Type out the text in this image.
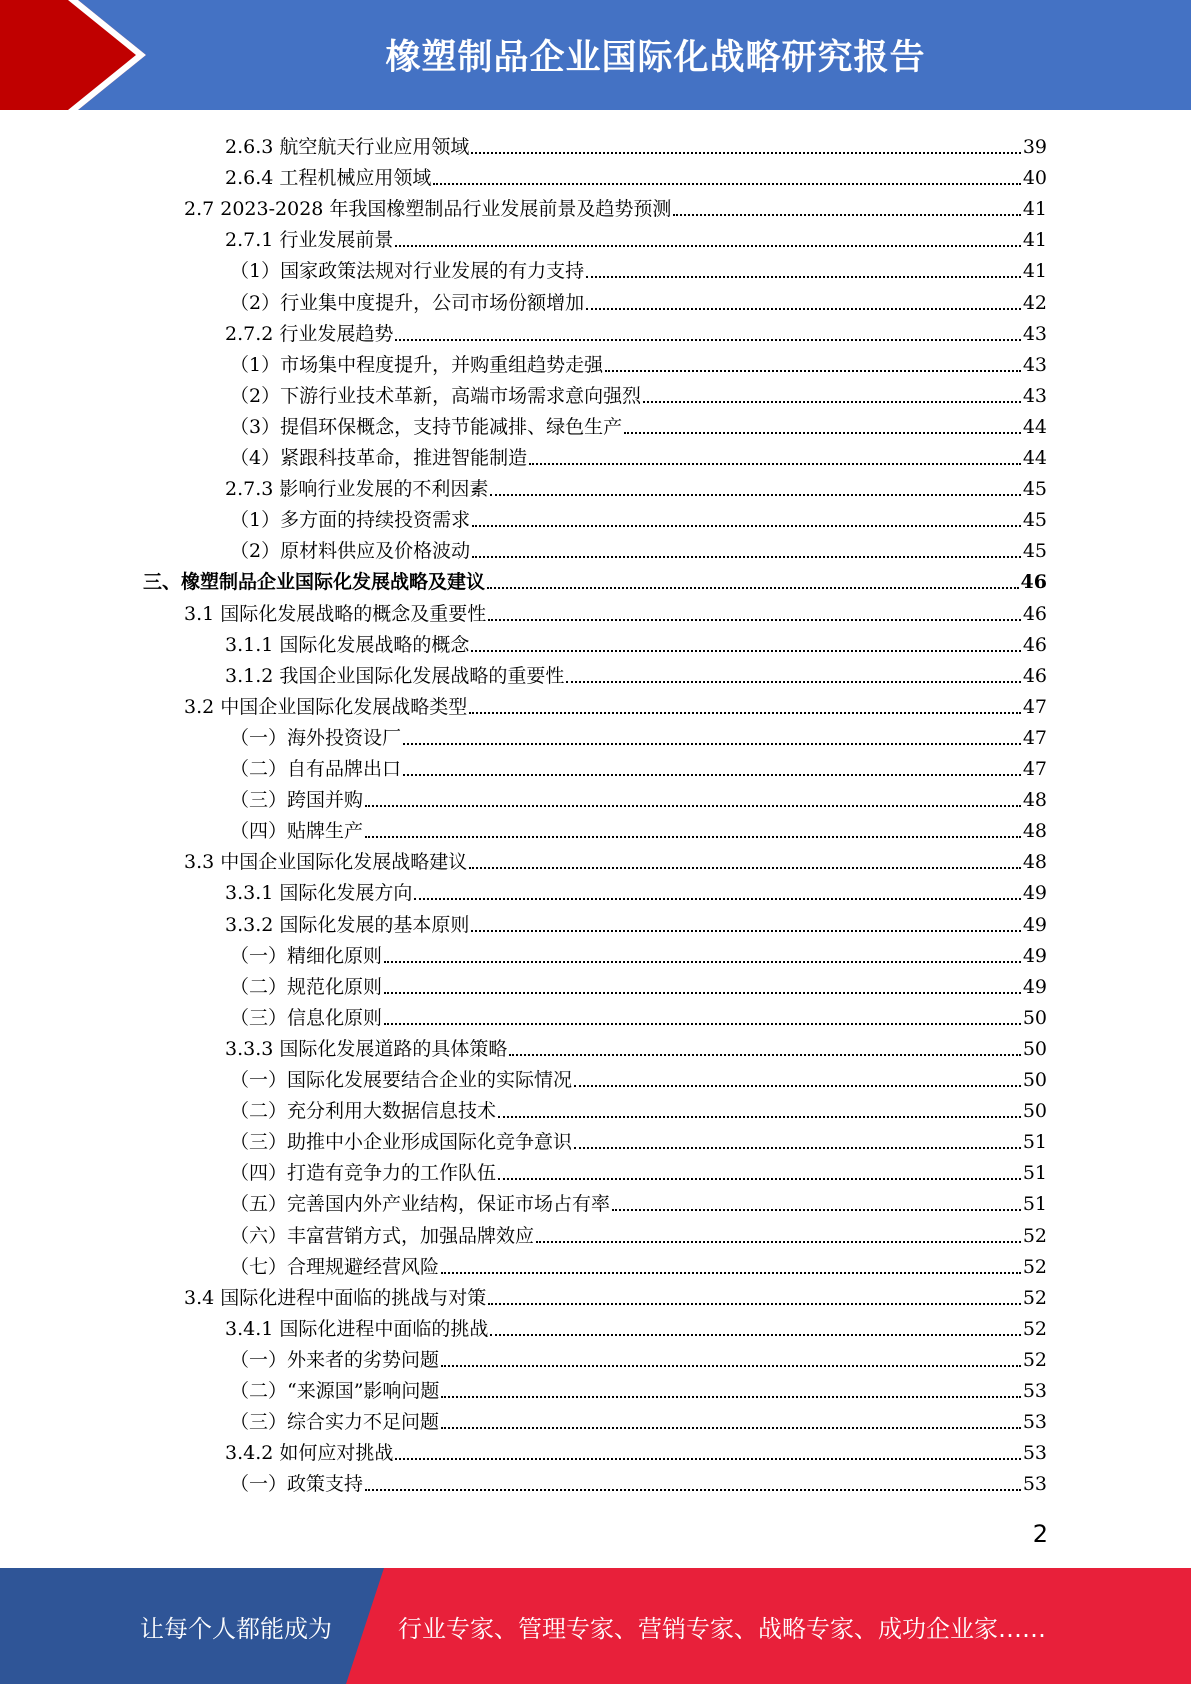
橡塑制品企业国际化战略研究报告
2.6.3 航空航天行业应用领域	39
2.6.4 工程机械应用领域	40
2.7 2023-2028 年我国橡塑制品行业发展前景及趋势预测	41
2.7.1 行业发展前景	41
（1）国家政策法规对行业发展的有力支持	41
（2）行业集中度提升，公司市场份额增加	42
2.7.2 行业发展趋势	43
（1）市场集中程度提升，并购重组趋势走强	43
（2）下游行业技术革新，高端市场需求意向强烈	43
（3）提倡环保概念，支持节能减排、绿色生产	44
（4）紧跟科技革命，推进智能制造	44
2.7.3 影响行业发展的不利因素	45
（1）多方面的持续投资需求	45
（2）原材料供应及价格波动	45
三、橡塑制品企业国际化发展战略及建议	46
3.1 国际化发展战略的概念及重要性	46
3.1.1 国际化发展战略的概念	46
3.1.2 我国企业国际化发展战略的重要性	46
3.2 中国企业国际化发展战略类型	47
（一）海外投资设厂	47
（二）自有品牌出口	47
（三）跨国并购	48
（四）贴牌生产	48
3.3 中国企业国际化发展战略建议	48
3.3.1 国际化发展方向	49
3.3.2 国际化发展的基本原则	49
（一）精细化原则	49
（二）规范化原则	49
（三）信息化原则	50
3.3.3 国际化发展道路的具体策略	50
（一）国际化发展要结合企业的实际情况	50
（二）充分利用大数据信息技术	50
（三）助推中小企业形成国际化竞争意识	51
（四）打造有竞争力的工作队伍	51
（五）完善国内外产业结构，保证市场占有率	51
（六）丰富营销方式，加强品牌效应	52
（七）合理规避经营风险	52
3.4 国际化进程中面临的挑战与对策	52
3.4.1 国际化进程中面临的挑战	52
（一）外来者的劣势问题	52
（二）“来源国”影响问题	53
（三）综合实力不足问题	53
3.4.2 如何应对挑战	53
（一）政策支持	53
2
让每个人都能成为	行业专家、管理专家、营销专家、战略专家、成功企业家……
